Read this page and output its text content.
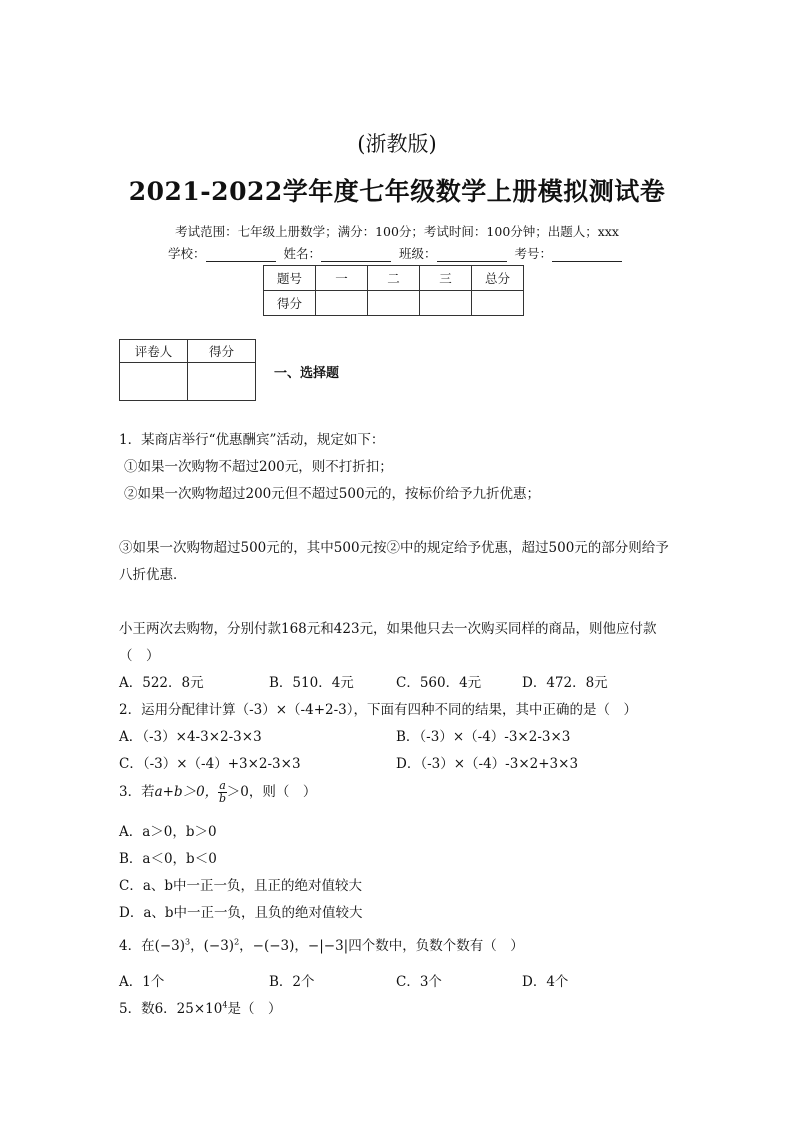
(浙教版)
2021-2022学年度七年级数学上册模拟测试卷
考试范围：七年级上册数学；满分：100分；考试时间：100分钟；出题人；xxx
学校：	姓名：	班级：	考号：
题号	一	二	三	总分
得分				
评卷人	得分

一、选择题
1．某商店举行“优惠酬宾”活动，规定如下：
①如果一次购物不超过200元，则不打折扣；
②如果一次购物超过200元但不超过500元的，按标价给予九折优惠；
③如果一次购物超过500元的，其中500元按②中的规定给予优惠，超过500元的部分则给予
八折优惠．
小王两次去购物，分别付款168元和423元，如果他只去一次购买同样的商品，则他应付款
（　）
A．522．8元	B．510．4元	C．560．4元	D．472．8元
2．运用分配律计算（-3）×（-4+2-3），下面有四种不同的结果，其中正确的是（　）
A．（-3）×4-3×2-3×3	B．（-3）×（-4）-3×2-3×3
C．（-3）×（-4）+3×2-3×3	D．（-3）×（-4）-3×2+3×3
3．若a+b＞0， $\frac{a}{b} >0$，则（　）
A．a＞0，b＞0
B．a＜0，b＜0
C．a、b中一正一负，且正的绝对值较大
D．a、b中一正一负，且负的绝对值较大
4．在$(-3)^3$，$(-3)^2$，−(−3)，−|−3|四个数中，负数个数有（　）
A．1个	B．2个	C．3个	D．4个
5．数6．$25\times 10^4$是（　）
